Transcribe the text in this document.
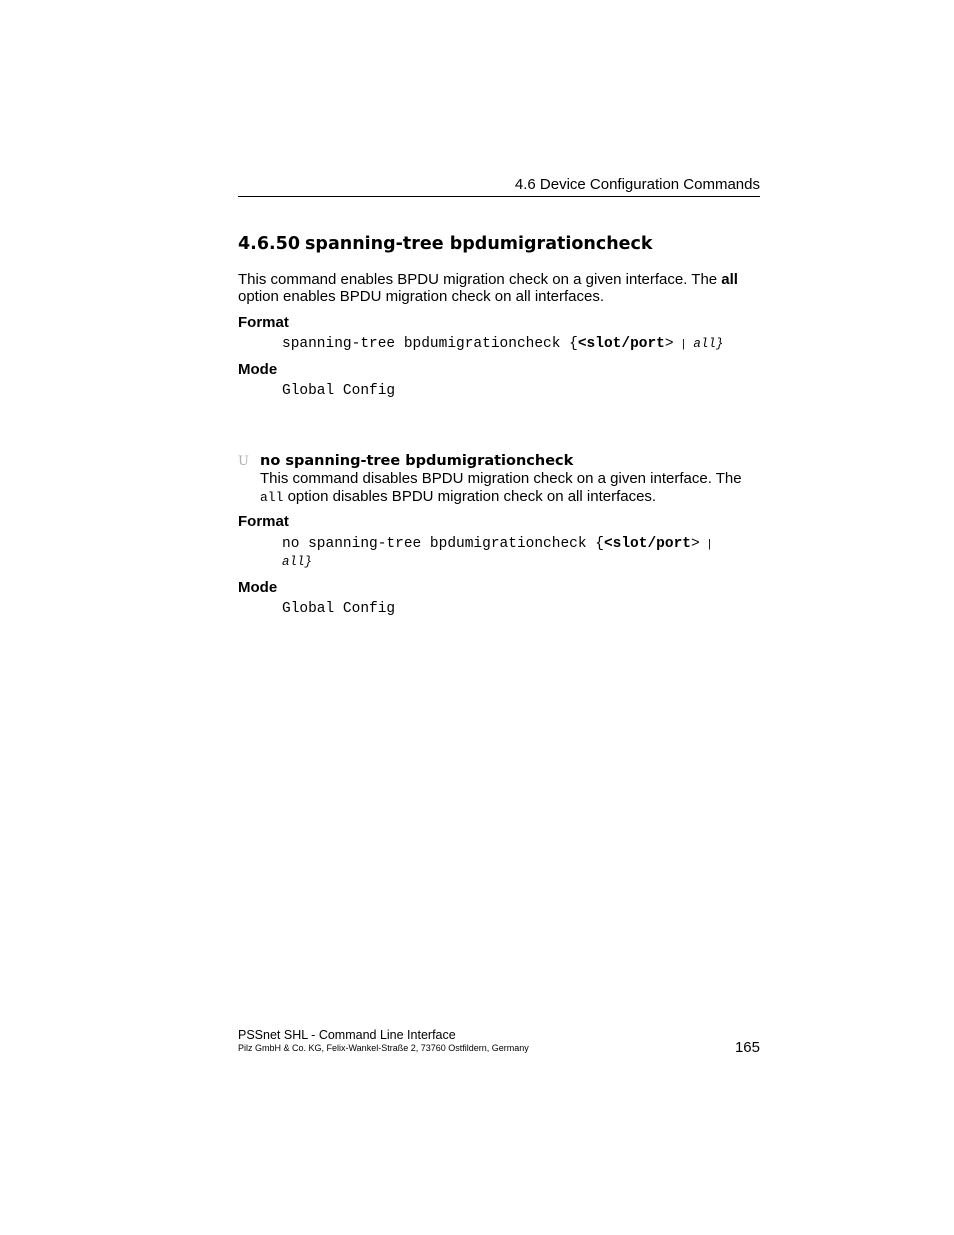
4.6 Device Configuration Commands
4.6.50 spanning-tree bpdumigrationcheck
This command enables BPDU migration check on a given interface. The all
option enables BPDU migration check on all interfaces.
Format
spanning-tree bpdumigrationcheck {<slot/port> | all}
Mode
Global Config
U no spanning-tree bpdumigrationcheck
This command disables BPDU migration check on a given interface. The
all option disables BPDU migration check on all interfaces.
Format
no spanning-tree bpdumigrationcheck {<slot/port> |
all}
Mode
Global Config
PSSnet SHL - Command Line Interface
Pilz GmbH & Co. KG, Felix-Wankel-Straße 2, 73760 Ostfildern, Germany	165
